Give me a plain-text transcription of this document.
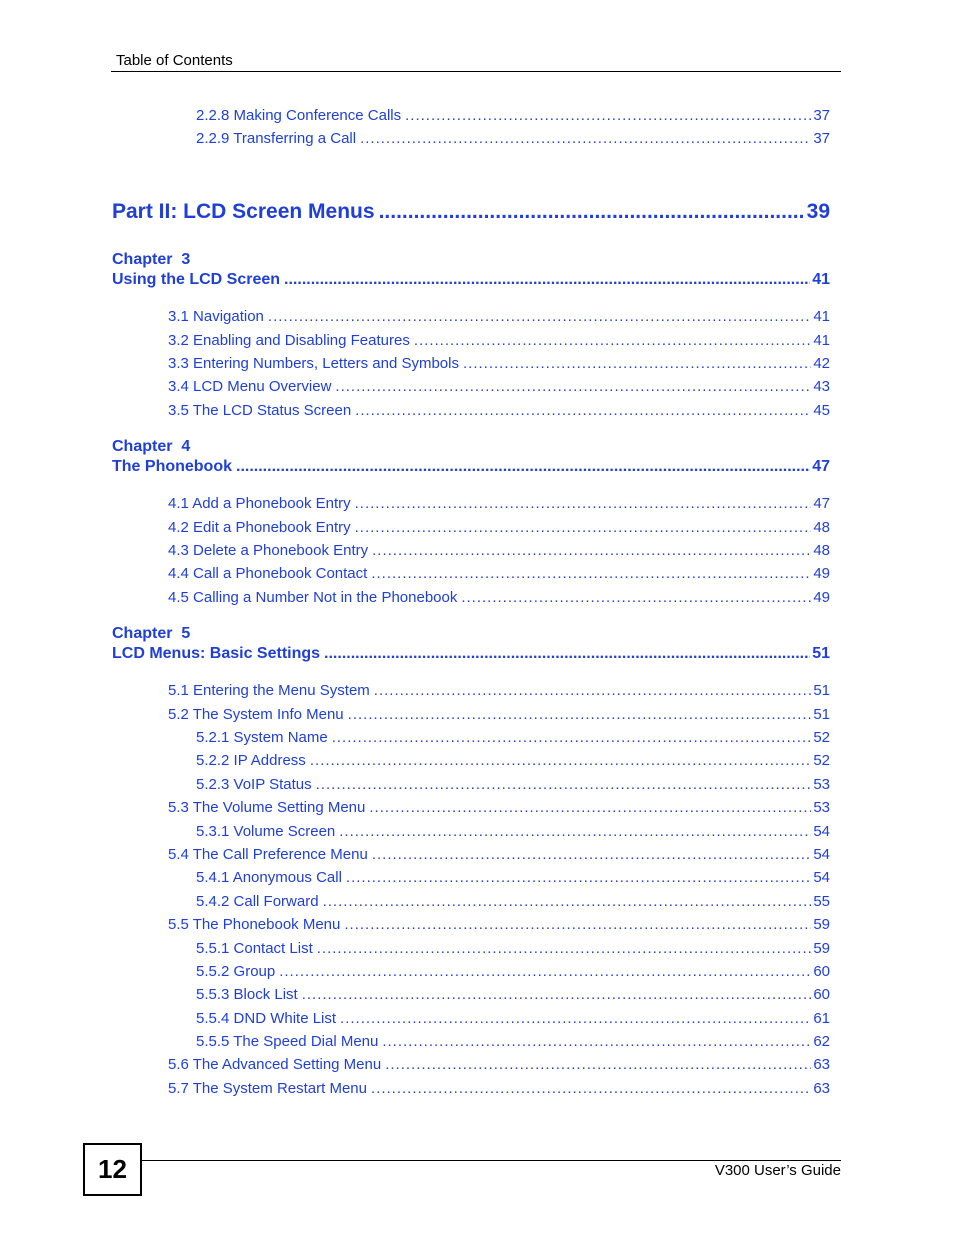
Table of Contents
2.2.8 Making Conference Calls .....	37
2.2.9 Transferring a Call .....	37
Part II: LCD Screen Menus .....	39
Chapter  3
Using the LCD Screen .....	41
3.1 Navigation .....	41
3.2 Enabling and Disabling Features .....	41
3.3 Entering Numbers, Letters and Symbols .....	42
3.4 LCD Menu Overview .....	43
3.5 The LCD Status Screen .....	45
Chapter  4
The Phonebook .....	47
4.1 Add a Phonebook Entry .....	47
4.2 Edit a Phonebook Entry .....	48
4.3 Delete a Phonebook Entry .....	48
4.4 Call a Phonebook Contact .....	49
4.5 Calling a Number Not in the Phonebook .....	49
Chapter  5
LCD Menus: Basic Settings .....	51
5.1 Entering the Menu System .....	51
5.2 The System Info Menu .....	51
5.2.1 System Name .....	52
5.2.2 IP Address .....	52
5.2.3 VoIP Status .....	53
5.3 The Volume Setting Menu .....	53
5.3.1 Volume Screen .....	54
5.4 The Call Preference Menu .....	54
5.4.1 Anonymous Call .....	54
5.4.2 Call Forward .....	55
5.5 The Phonebook Menu .....	59
5.5.1 Contact List .....	59
5.5.2 Group .....	60
5.5.3 Block List .....	60
5.5.4 DND White List .....	61
5.5.5 The Speed Dial Menu .....	62
5.6 The Advanced Setting Menu .....	63
5.7 The System Restart Menu .....	63
12	V300 User’s Guide
